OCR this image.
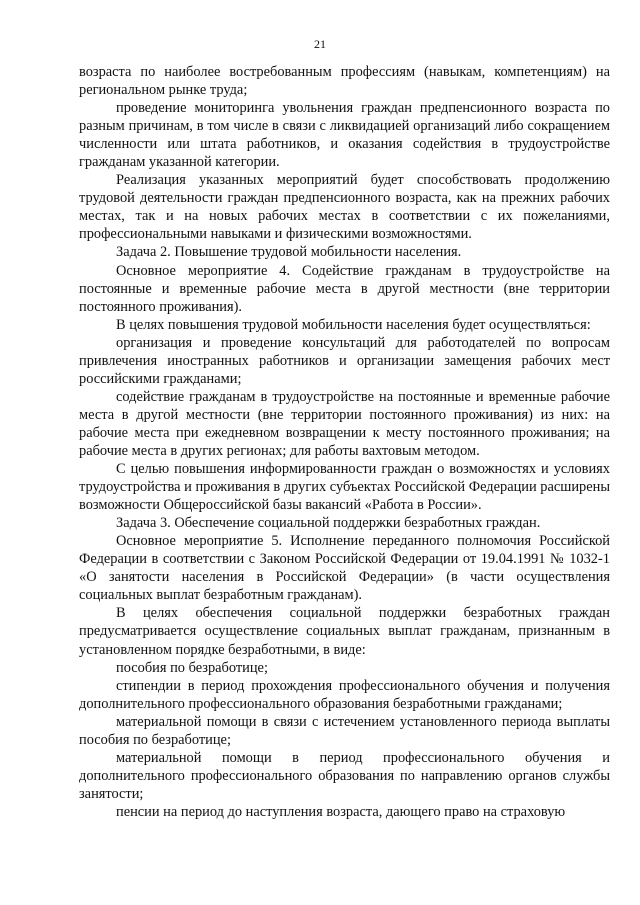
21

возраста по наиболее востребованным профессиям (навыкам, компетенциям) на региональном рынке труда;

проведение мониторинга увольнения граждан предпенсионного возраста по разным причинам, в том числе в связи с ликвидацией организаций либо сокращением численности или штата работников, и оказания содействия в трудоустройстве гражданам указанной категории.

Реализация указанных мероприятий будет способствовать продолжению трудовой деятельности граждан предпенсионного возраста, как на прежних рабочих местах, так и на новых рабочих местах в соответствии с их пожеланиями, профессиональными навыками и физическими возможностями.

Задача 2. Повышение трудовой мобильности населения.

Основное мероприятие 4. Содействие гражданам в трудоустройстве на постоянные и временные рабочие места в другой местности (вне территории постоянного проживания).

В целях повышения трудовой мобильности населения будет осуществляться:

организация и проведение консультаций для работодателей по вопросам привлечения иностранных работников и организации замещения рабочих мест российскими гражданами;

содействие гражданам в трудоустройстве на постоянные и временные рабочие места в другой местности (вне территории постоянного проживания) из них: на рабочие места при ежедневном возвращении к месту постоянного проживания; на рабочие места в других регионах; для работы вахтовым методом.

С целью повышения информированности граждан о возможностях и условиях трудоустройства и проживания в других субъектах Российской Федерации расширены возможности Общероссийской базы вакансий «Работа в России».

Задача 3. Обеспечение социальной поддержки безработных граждан.

Основное мероприятие 5. Исполнение переданного полномочия Российской Федерации в соответствии с Законом Российской Федерации от 19.04.1991 № 1032-1 «О занятости населения в Российской Федерации» (в части осуществления социальных выплат безработным гражданам).

В целях обеспечения социальной поддержки безработных граждан предусматривается осуществление социальных выплат гражданам, признанным в установленном порядке безработными, в виде:

пособия по безработице;

стипендии в период прохождения профессионального обучения и получения дополнительного профессионального образования безработными гражданами;

материальной помощи в связи с истечением установленного периода выплаты пособия по безработице;

материальной помощи в период профессионального обучения и дополнительного профессионального образования по направлению органов службы занятости;

пенсии на период до наступления возраста, дающего право на страховую
